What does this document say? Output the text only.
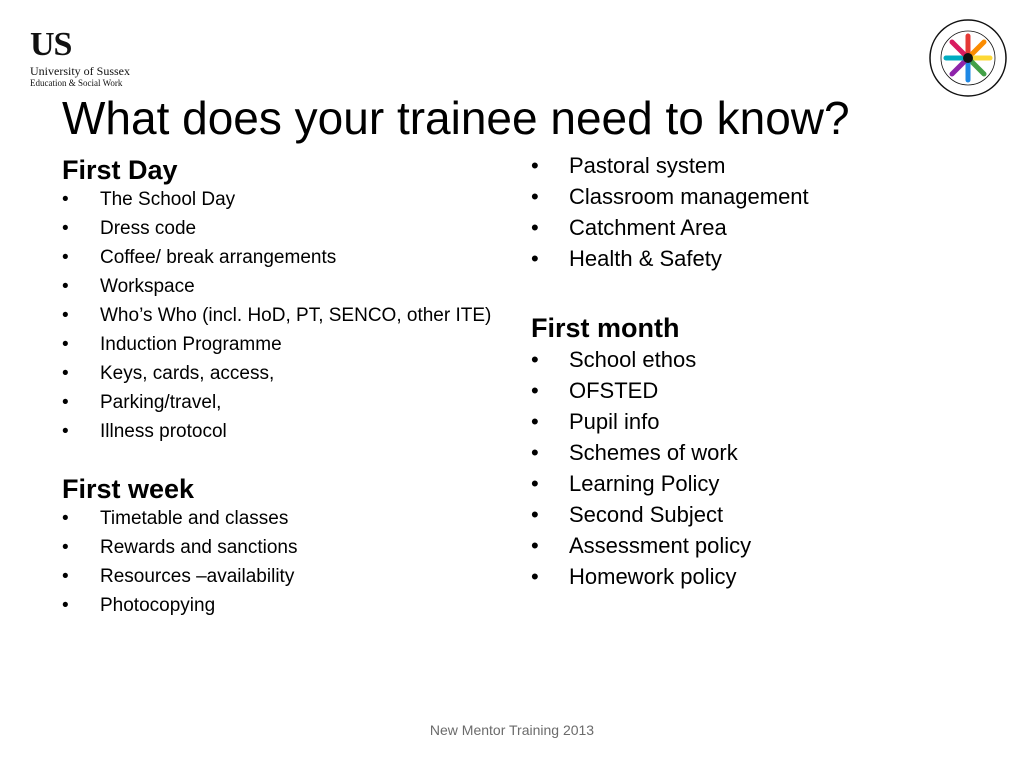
US
University of Sussex
Education & Social Work
What does your trainee need to know?
First Day
• The School Day
• Dress code
• Coffee/ break arrangements
• Workspace
• Who’s Who (incl. HoD, PT, SENCO, other ITE)
• Induction Programme
• Keys, cards, access,
• Parking/travel,
• Illness protocol
First week
• Timetable and classes
• Rewards and sanctions
• Resources –availability
• Photocopying
• Pastoral system
• Classroom management
• Catchment Area
• Health & Safety
First month
• School ethos
• OFSTED
• Pupil info
• Schemes of work
• Learning Policy
• Second Subject
• Assessment policy
• Homework policy
New Mentor Training 2013
